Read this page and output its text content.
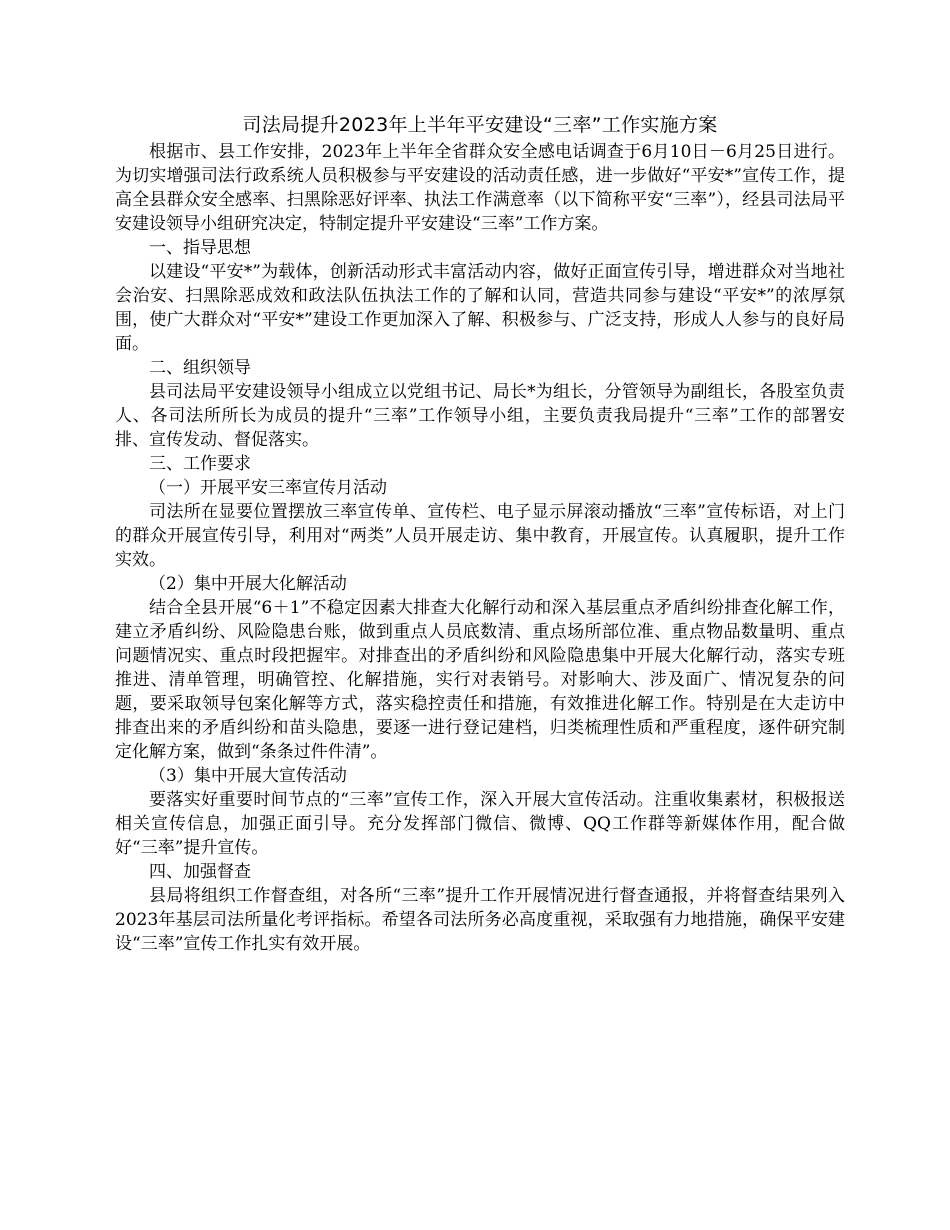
司法局提升2023年上半年平安建设“三率”工作实施方案

根据市、县工作安排，2023年上半年全省群众安全感电话调查于6月10日－6月25日进行。为切实增强司法行政系统人员积极参与平安建设的活动责任感，进一步做好“平安*”宣传工作，提高全县群众安全感率、扫黑除恶好评率、执法工作满意率（以下简称平安“三率”），经县司法局平安建设领导小组研究决定，特制定提升平安建设“三率”工作方案。

一、指导思想

以建设“平安*”为载体，创新活动形式丰富活动内容，做好正面宣传引导，增进群众对当地社会治安、扫黑除恶成效和政法队伍执法工作的了解和认同，营造共同参与建设“平安*”的浓厚氛围，使广大群众对“平安*”建设工作更加深入了解、积极参与、广泛支持，形成人人参与的良好局面。

二、组织领导

县司法局平安建设领导小组成立以党组书记、局长*为组长，分管领导为副组长，各股室负责人、各司法所所长为成员的提升“三率”工作领导小组，主要负责我局提升“三率”工作的部署安排、宣传发动、督促落实。

三、工作要求

（一）开展平安三率宣传月活动

司法所在显要位置摆放三率宣传单、宣传栏、电子显示屏滚动播放“三率”宣传标语，对上门的群众开展宣传引导，利用对“两类”人员开展走访、集中教育，开展宣传。认真履职，提升工作实效。

（2）集中开展大化解活动

结合全县开展“6＋1”不稳定因素大排查大化解行动和深入基层重点矛盾纠纷排查化解工作，建立矛盾纠纷、风险隐患台账，做到重点人员底数清、重点场所部位准、重点物品数量明、重点问题情况实、重点时段把握牢。对排查出的矛盾纠纷和风险隐患集中开展大化解行动，落实专班推进、清单管理，明确管控、化解措施，实行对表销号。对影响大、涉及面广、情况复杂的问题，要采取领导包案化解等方式，落实稳控责任和措施，有效推进化解工作。特别是在大走访中排查出来的矛盾纠纷和苗头隐患，要逐一进行登记建档，归类梳理性质和严重程度，逐件研究制定化解方案，做到“条条过件件清”。

（3）集中开展大宣传活动

要落实好重要时间节点的“三率”宣传工作，深入开展大宣传活动。注重收集素材，积极报送相关宣传信息，加强正面引导。充分发挥部门微信、微博、QQ工作群等新媒体作用，配合做好“三率”提升宣传。

四、加强督查

县局将组织工作督查组，对各所“三率”提升工作开展情况进行督查通报，并将督查结果列入2023年基层司法所量化考评指标。希望各司法所务必高度重视，采取强有力地措施，确保平安建设“三率”宣传工作扎实有效开展。
